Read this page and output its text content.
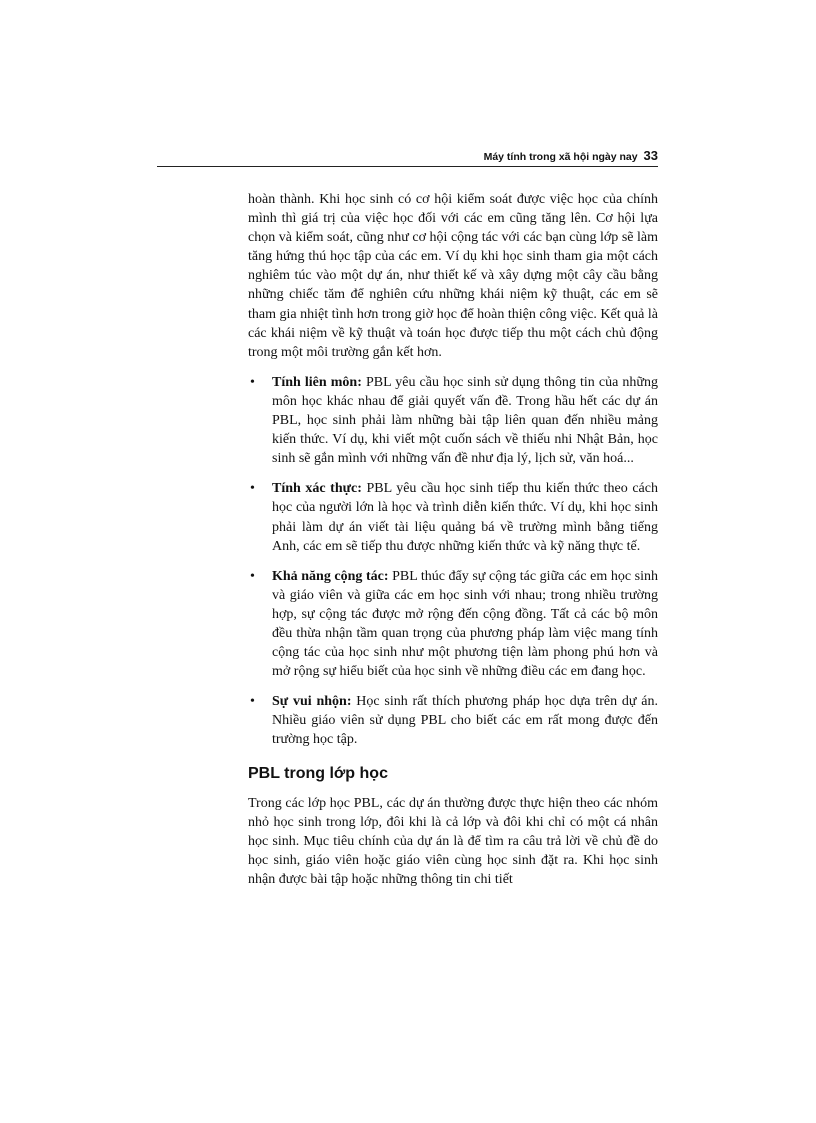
Máy tính trong xã hội ngày nay 33

hoàn thành. Khi học sinh có cơ hội kiểm soát được việc học của chính mình thì giá trị của việc học đối với các em cũng tăng lên. Cơ hội lựa chọn và kiểm soát, cũng như cơ hội cộng tác với các bạn cùng lớp sẽ làm tăng hứng thú học tập của các em. Ví dụ khi học sinh tham gia một cách nghiêm túc vào một dự án, như thiết kế và xây dựng một cây cầu bằng những chiếc tăm để nghiên cứu những khái niệm kỹ thuật, các em sẽ tham gia nhiệt tình hơn trong giờ học để hoàn thiện công việc. Kết quả là các khái niệm về kỹ thuật và toán học được tiếp thu một cách chủ động trong một môi trường gắn kết hơn.

• Tính liên môn: PBL yêu cầu học sinh sử dụng thông tin của những môn học khác nhau để giải quyết vấn đề. Trong hầu hết các dự án PBL, học sinh phải làm những bài tập liên quan đến nhiều mảng kiến thức. Ví dụ, khi viết một cuốn sách về thiếu nhi Nhật Bản, học sinh sẽ gắn mình với những vấn đề như địa lý, lịch sử, văn hoá...
• Tính xác thực: PBL yêu cầu học sinh tiếp thu kiến thức theo cách học của người lớn là học và trình diễn kiến thức. Ví dụ, khi học sinh phải làm dự án viết tài liệu quảng bá về trường mình bằng tiếng Anh, các em sẽ tiếp thu được những kiến thức và kỹ năng thực tế.
• Khả năng cộng tác: PBL thúc đẩy sự cộng tác giữa các em học sinh và giáo viên và giữa các em học sinh với nhau; trong nhiều trường hợp, sự cộng tác được mở rộng đến cộng đồng. Tất cả các bộ môn đều thừa nhận tầm quan trọng của phương pháp làm việc mang tính cộng tác của học sinh như một phương tiện làm phong phú hơn và mở rộng sự hiểu biết của học sinh về những điều các em đang học.
• Sự vui nhộn: Học sinh rất thích phương pháp học dựa trên dự án. Nhiều giáo viên sử dụng PBL cho biết các em rất mong được đến trường học tập.
PBL trong lớp học

Trong các lớp học PBL, các dự án thường được thực hiện theo các nhóm nhỏ học sinh trong lớp, đôi khi là cả lớp và đôi khi chỉ có một cá nhân học sinh. Mục tiêu chính của dự án là để tìm ra câu trả lời về chủ đề do học sinh, giáo viên hoặc giáo viên cùng học sinh đặt ra. Khi học sinh nhận được bài tập hoặc những thông tin chi tiết
